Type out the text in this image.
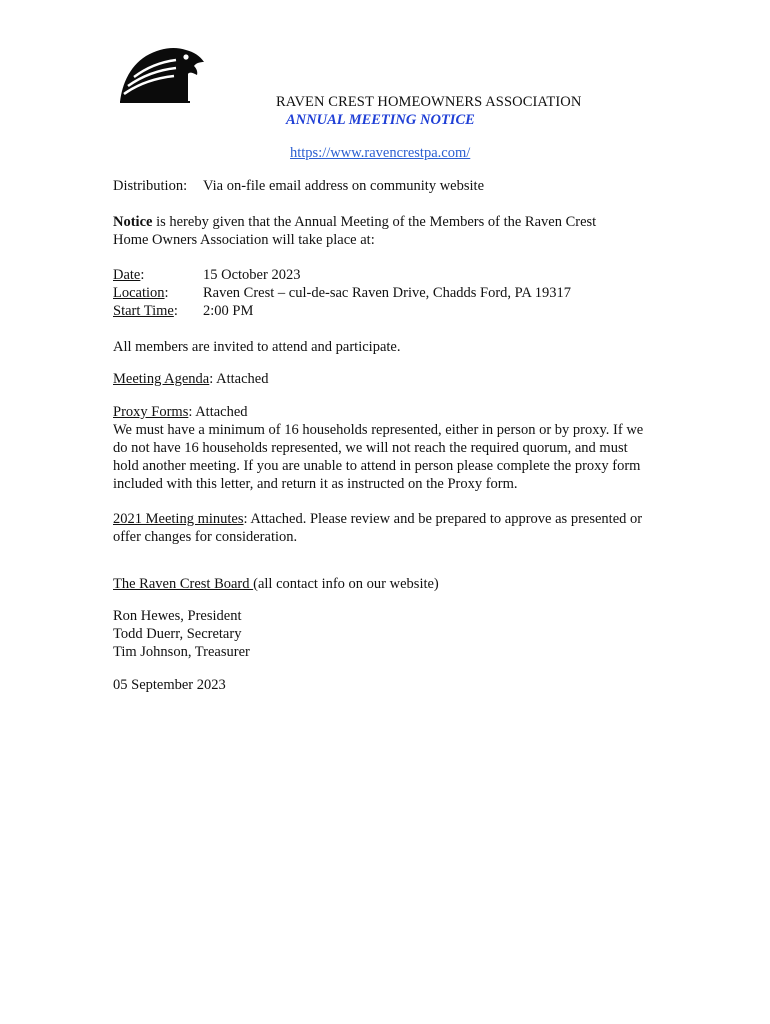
RAVEN CREST HOMEOWNERS ASSOCIATION
ANNUAL MEETING NOTICE
https://www.ravencrestpa.com/
Distribution:	Via on-file email address on community website

Notice is hereby given that the Annual Meeting of the Members of the Raven Crest Home Owners Association will take place at:

Date:	15 October 2023
Location:	Raven Crest – cul-de-sac Raven Drive, Chadds Ford, PA 19317
Start Time:	2:00 PM
All members are invited to attend and participate.
Meeting Agenda: Attached

Proxy Forms: Attached

We must have a minimum of 16 households represented, either in person or by proxy. If we do not have 16 households represented, we will not reach the required quorum, and must hold another meeting. If you are unable to attend in person please complete the proxy form included with this letter, and return it as instructed on the Proxy form.

2021 Meeting minutes: Attached. Please review and be prepared to approve as presented or offer changes for consideration.

The Raven Crest Board (all contact info on our website)
Ron Hewes, President
Todd Duerr, Secretary
Tim Johnson, Treasurer
05 September 2023
